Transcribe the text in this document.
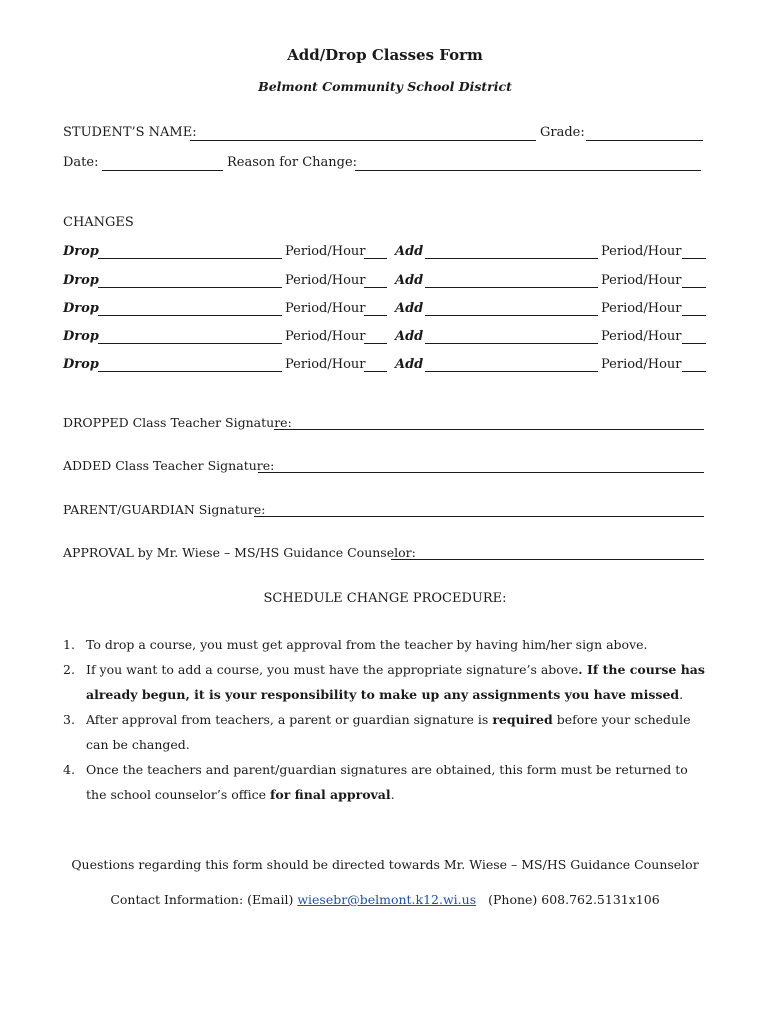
Add/Drop Classes Form
Belmont Community School District
STUDENT’S NAME:	Grade:
Date:	Reason for Change:
CHANGES
Drop	Period/Hour Add	Period/Hour
Drop	Period/Hour Add	Period/Hour
Drop	Period/Hour Add	Period/Hour
Drop	Period/Hour Add	Period/Hour
Drop	Period/Hour Add	Period/Hour
DROPPED Class Teacher Signature:
ADDED Class Teacher Signature:
PARENT/GUARDIAN Signature:
APPROVAL by Mr. Wiese – MS/HS Guidance Counselor:
SCHEDULE CHANGE PROCEDURE:
1. To drop a course, you must get approval from the teacher by having him/her sign above.
2. If you want to add a course, you must have the appropriate signature’s above. If the course has already begun, it is your responsibility to make up any assignments you have missed.
3. After approval from teachers, a parent or guardian signature is required before your schedule can be changed.
4. Once the teachers and parent/guardian signatures are obtained, this form must be returned to the school counselor’s office for final approval.
Questions regarding this form should be directed towards Mr. Wiese – MS/HS Guidance Counselor
Contact Information: (Email) wiesebr@belmont.k12.wi.us (Phone) 608.762.5131x106
